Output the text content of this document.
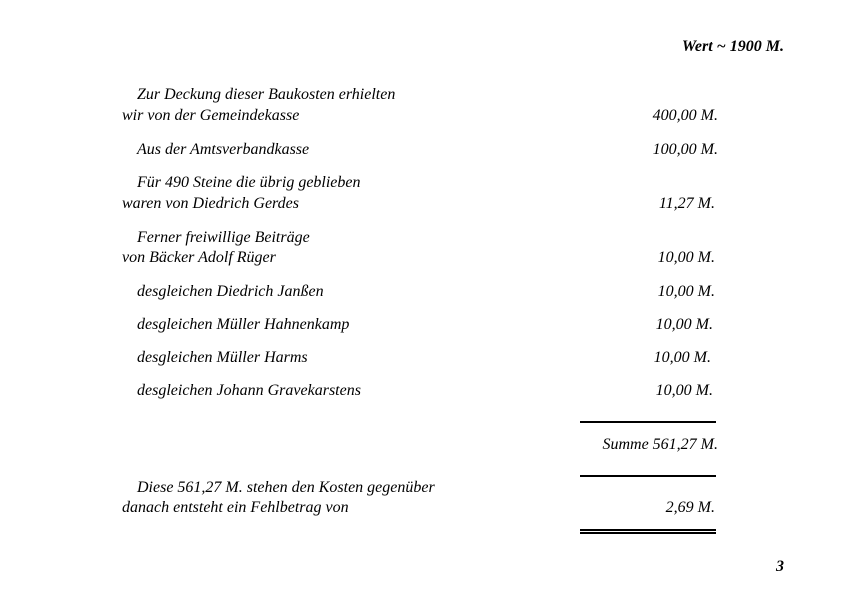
Wert ~ 1900 M.
Zur Deckung dieser Baukosten erhielten
wir von der Gemeindekasse	400,00 M.
Aus der Amtsverbandkasse	100,00 M.
Für 490 Steine die übrig geblieben
waren von Diedrich Gerdes	11,27 M.
Ferner freiwillige Beiträge
von Bäcker Adolf Rüger	10,00 M.
desgleichen Diedrich Janßen	10,00 M.
desgleichen Müller Hahnenkamp	10,00 M.
desgleichen Müller Harms	10,00 M.
desgleichen Johann Gravekarstens	10,00 M.
Summe 561,27 M.
Diese 561,27 M. stehen den Kosten gegenüber
danach entsteht ein Fehlbetrag von	2,69 M.
3
